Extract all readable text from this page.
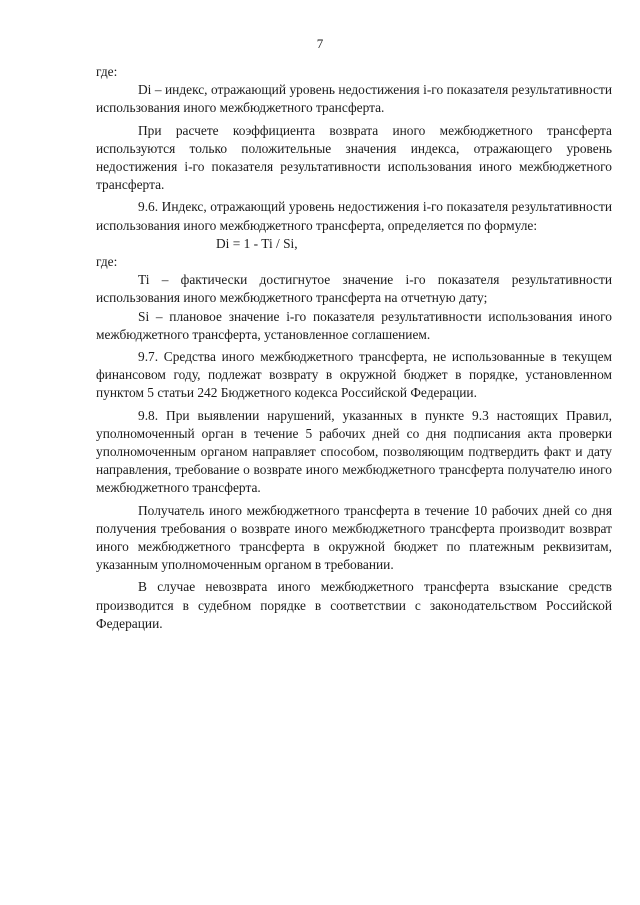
7

где:

Di – индекс, отражающий уровень недостижения i-го показателя результативности использования иного межбюджетного трансферта.

При расчете коэффициента возврата иного межбюджетного трансферта используются только положительные значения индекса, отражающего уровень недостижения i-го показателя результативности использования иного межбюджетного трансферта.

9.6. Индекс, отражающий уровень недостижения i-го показателя результативности использования иного межбюджетного трансферта, определяется по формуле:

Di = 1 - Ti / Si,

где:

Ti – фактически достигнутое значение i-го показателя результативности использования иного межбюджетного трансферта на отчетную дату;

Si – плановое значение i-го показателя результативности использования иного межбюджетного трансферта, установленное соглашением.

9.7. Средства иного межбюджетного трансферта, не использованные в текущем финансовом году, подлежат возврату в окружной бюджет в порядке, установленном пунктом 5 статьи 242 Бюджетного кодекса Российской Федерации.

9.8. При выявлении нарушений, указанных в пункте 9.3 настоящих Правил, уполномоченный орган в течение 5 рабочих дней со дня подписания акта проверки уполномоченным органом направляет способом, позволяющим подтвердить факт и дату направления, требование о возврате иного межбюджетного трансферта получателю иного межбюджетного трансферта.

Получатель иного межбюджетного трансферта в течение 10 рабочих дней со дня получения требования о возврате иного межбюджетного трансферта производит возврат иного межбюджетного трансферта в окружной бюджет по платежным реквизитам, указанным уполномоченным органом в требовании.

В случае невозврата иного межбюджетного трансферта взыскание средств производится в судебном порядке в соответствии с законодательством Российской Федерации.
